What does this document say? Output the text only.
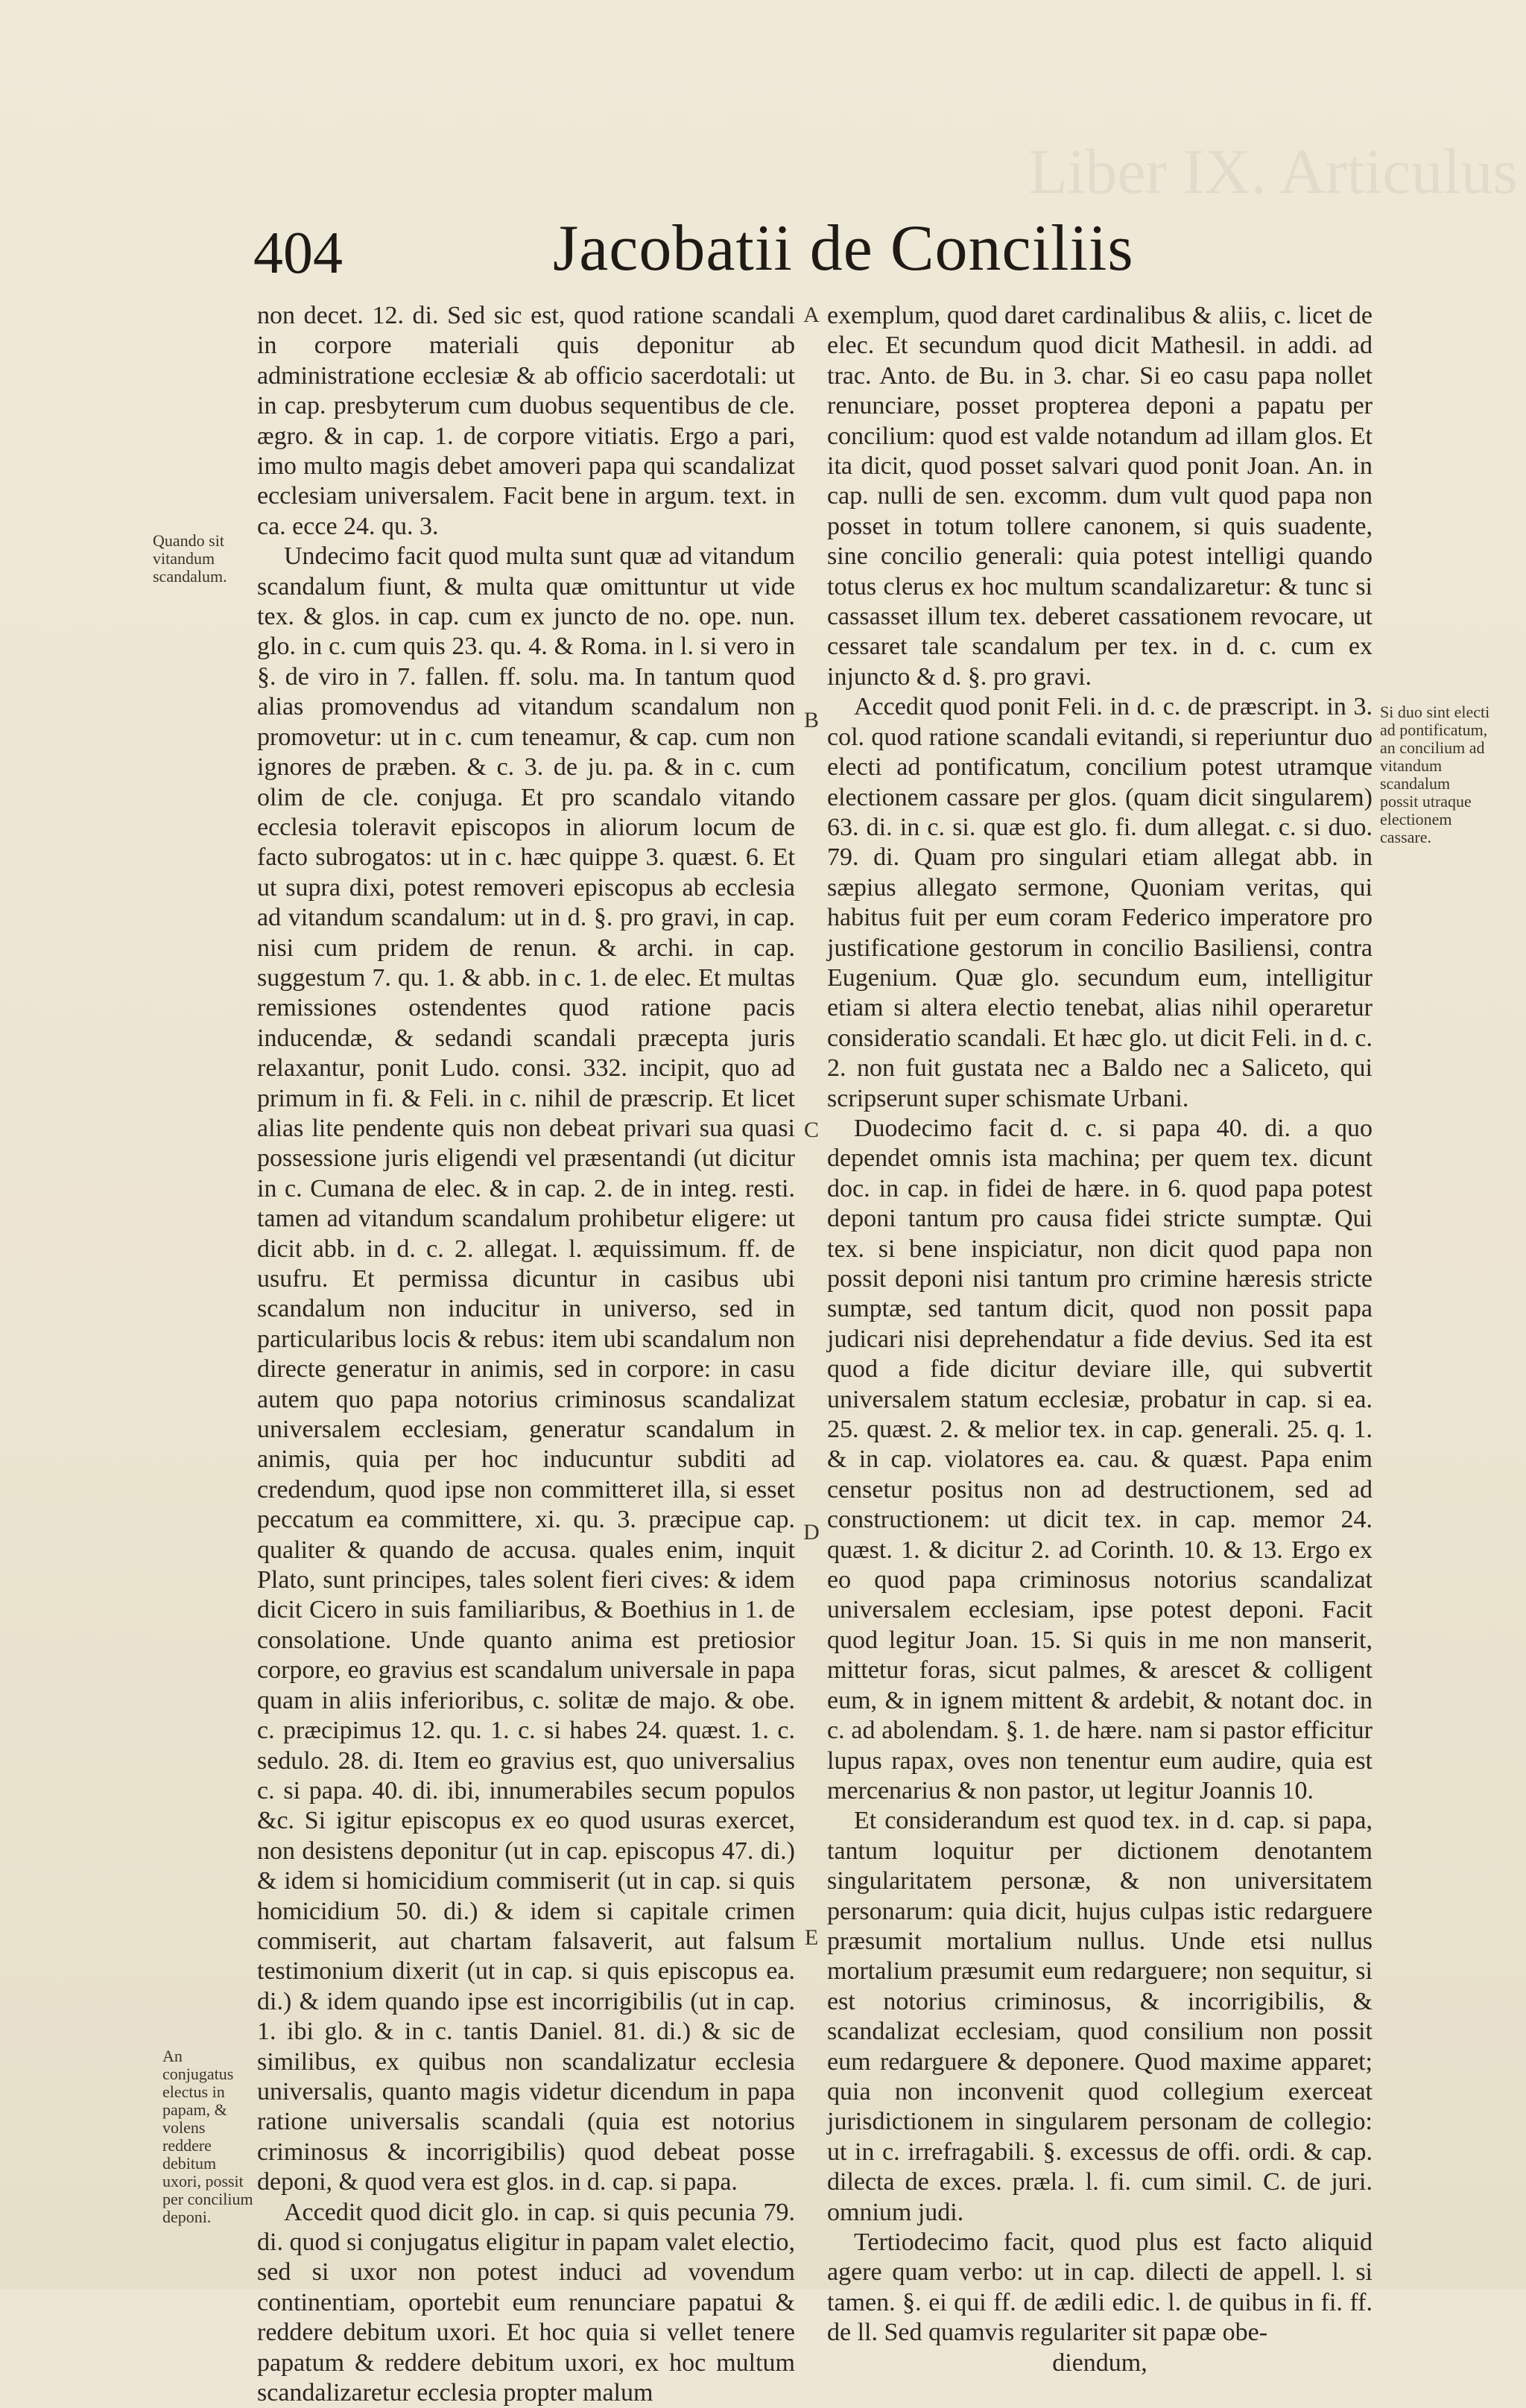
Liber IX. Articulus
404	Jacobatii de Conciliis
Quando sit vitandum scandalum.
Si duo sint electi ad pontificatum, an concilium ad vitandum scandalum possit utraque electionem cassare.
An conjugatus electus in papam, & volens reddere debitum uxori, possit per concilium deponi.
A
B
C
D
E

non decet. 12. di. Sed sic est, quod ratione scandali in corpore materiali quis deponitur ab administratione ecclesiæ & ab officio sacerdotali: ut in cap. presbyterum cum duobus sequentibus de cle. ægro. & in cap. 1. de corpore vitiatis. Ergo a pari, imo multo magis debet amoveri papa qui scandalizat ecclesiam universalem. Facit bene in argum. text. in ca. ecce 24. qu. 3.

Undecimo facit quod multa sunt quæ ad vitandum scandalum fiunt, & multa quæ omittuntur ut vide tex. & glos. in cap. cum ex juncto de no. ope. nun. glo. in c. cum quis 23. qu. 4. & Roma. in l. si vero in §. de viro in 7. fallen. ff. solu. ma. In tantum quod alias promovendus ad vitandum scandalum non promovetur: ut in c. cum teneamur, & cap. cum non ignores de præben. & c. 3. de ju. pa. & in c. cum olim de cle. conjuga. Et pro scandalo vitando ecclesia toleravit episcopos in aliorum locum de facto subrogatos: ut in c. hæc quippe 3. quæst. 6. Et ut supra dixi, potest removeri episcopus ab ecclesia ad vitandum scandalum: ut in d. §. pro gravi, in cap. nisi cum pridem de renun. & archi. in cap. suggestum 7. qu. 1. & abb. in c. 1. de elec. Et multas remissiones ostendentes quod ratione pacis inducendæ, & sedandi scandali præcepta juris relaxantur, ponit Ludo. consi. 332. incipit, quo ad primum in fi. & Feli. in c. nihil de præscrip. Et licet alias lite pendente quis non debeat privari sua quasi possessione juris eligendi vel præsentandi (ut dicitur in c. Cumana de elec. & in cap. 2. de in integ. resti. tamen ad vitandum scandalum prohibetur eligere: ut dicit abb. in d. c. 2. allegat. l. æquissimum. ff. de usufru. Et permissa dicuntur in casibus ubi scandalum non inducitur in universo, sed in particularibus locis & rebus: item ubi scandalum non directe generatur in animis, sed in corpore: in casu autem quo papa notorius criminosus scandalizat universalem ecclesiam, generatur scandalum in animis, quia per hoc inducuntur subditi ad credendum, quod ipse non committeret illa, si esset peccatum ea committere, xi. qu. 3. præcipue cap. qualiter & quando de accusa. quales enim, inquit Plato, sunt principes, tales solent fieri cives: & idem dicit Cicero in suis familiaribus, & Boethius in 1. de consolatione. Unde quanto anima est pretiosior corpore, eo gravius est scandalum universale in papa quam in aliis inferioribus, c. solitæ de majo. & obe. c. præcipimus 12. qu. 1. c. si habes 24. quæst. 1. c. sedulo. 28. di. Item eo gravius est, quo universalius c. si papa. 40. di. ibi, innumerabiles secum populos &c. Si igitur episcopus ex eo quod usuras exercet, non desistens deponitur (ut in cap. episcopus 47. di.) & idem si homicidium commiserit (ut in cap. si quis homicidium 50. di.) & idem si capitale crimen commiserit, aut chartam falsaverit, aut falsum testimonium dixerit (ut in cap. si quis episcopus ea. di.) & idem quando ipse est incorrigibilis (ut in cap. 1. ibi glo. & in c. tantis Daniel. 81. di.) & sic de similibus, ex quibus non scandalizatur ecclesia universalis, quanto magis videtur dicendum in papa ratione universalis scandali (quia est notorius criminosus & incorrigibilis) quod debeat posse deponi, & quod vera est glos. in d. cap. si papa.

Accedit quod dicit glo. in cap. si quis pecunia 79. di. quod si conjugatus eligitur in papam valet electio, sed si uxor non potest induci ad vovendum continentiam, oportebit eum renunciare papatui & reddere debitum uxori. Et hoc quia si vellet tenere papatum & reddere debitum uxori, ex hoc multum scandalizaretur ecclesia propter malum

exemplum, quod daret cardinalibus & aliis, c. licet de elec. Et secundum quod dicit Mathesil. in addi. ad trac. Anto. de Bu. in 3. char. Si eo casu papa nollet renunciare, posset propterea deponi a papatu per concilium: quod est valde notandum ad illam glos. Et ita dicit, quod posset salvari quod ponit Joan. An. in cap. nulli de sen. excomm. dum vult quod papa non posset in totum tollere canonem, si quis suadente, sine concilio generali: quia potest intelligi quando totus clerus ex hoc multum scandalizaretur: & tunc si cassasset illum tex. deberet cassationem revocare, ut cessaret tale scandalum per tex. in d. c. cum ex injuncto & d. §. pro gravi.

Accedit quod ponit Feli. in d. c. de præscript. in 3. col. quod ratione scandali evitandi, si reperiuntur duo electi ad pontificatum, concilium potest utramque electionem cassare per glos. (quam dicit singularem) 63. di. in c. si. quæ est glo. fi. dum allegat. c. si duo. 79. di. Quam pro singulari etiam allegat abb. in sæpius allegato sermone, Quoniam veritas, qui habitus fuit per eum coram Federico imperatore pro justificatione gestorum in concilio Basiliensi, contra Eugenium. Quæ glo. secundum eum, intelligitur etiam si altera electio tenebat, alias nihil operaretur consideratio scandali. Et hæc glo. ut dicit Feli. in d. c. 2. non fuit gustata nec a Baldo nec a Saliceto, qui scripserunt super schismate Urbani.

Duodecimo facit d. c. si papa 40. di. a quo dependet omnis ista machina; per quem tex. dicunt doc. in cap. in fidei de hære. in 6. quod papa potest deponi tantum pro causa fidei stricte sumptæ. Qui tex. si bene inspiciatur, non dicit quod papa non possit deponi nisi tantum pro crimine hæresis stricte sumptæ, sed tantum dicit, quod non possit papa judicari nisi deprehendatur a fide devius. Sed ita est quod a fide dicitur deviare ille, qui subvertit universalem statum ecclesiæ, probatur in cap. si ea. 25. quæst. 2. & melior tex. in cap. generali. 25. q. 1. & in cap. violatores ea. cau. & quæst. Papa enim censetur positus non ad destructionem, sed ad constructionem: ut dicit tex. in cap. memor 24. quæst. 1. & dicitur 2. ad Corinth. 10. & 13. Ergo ex eo quod papa criminosus notorius scandalizat universalem ecclesiam, ipse potest deponi. Facit quod legitur Joan. 15. Si quis in me non manserit, mittetur foras, sicut palmes, & arescet & colligent eum, & in ignem mittent & ardebit, & notant doc. in c. ad abolendam. §. 1. de hære. nam si pastor efficitur lupus rapax, oves non tenentur eum audire, quia est mercenarius & non pastor, ut legitur Joannis 10.

Et considerandum est quod tex. in d. cap. si papa, tantum loquitur per dictionem denotantem singularitatem personæ, & non universitatem personarum: quia dicit, hujus culpas istic redarguere præsumit mortalium nullus. Unde etsi nullus mortalium præsumit eum redarguere; non sequitur, si est notorius criminosus, & incorrigibilis, & scandalizat ecclesiam, quod consilium non possit eum redarguere & deponere. Quod maxime apparet; quia non inconvenit quod collegium exerceat jurisdictionem in singularem personam de collegio: ut in c. irrefragabili. §. excessus de offi. ordi. & cap. dilecta de exces. præla. l. fi. cum simil. C. de juri. omnium judi.

Tertiodecimo facit, quod plus est facto aliquid agere quam verbo: ut in cap. dilecti de appell. l. si tamen. §. ei qui ff. de ædili edic. l. de quibus in fi. ff. de ll. Sed quamvis regulariter sit papæ obe-

diendum,
